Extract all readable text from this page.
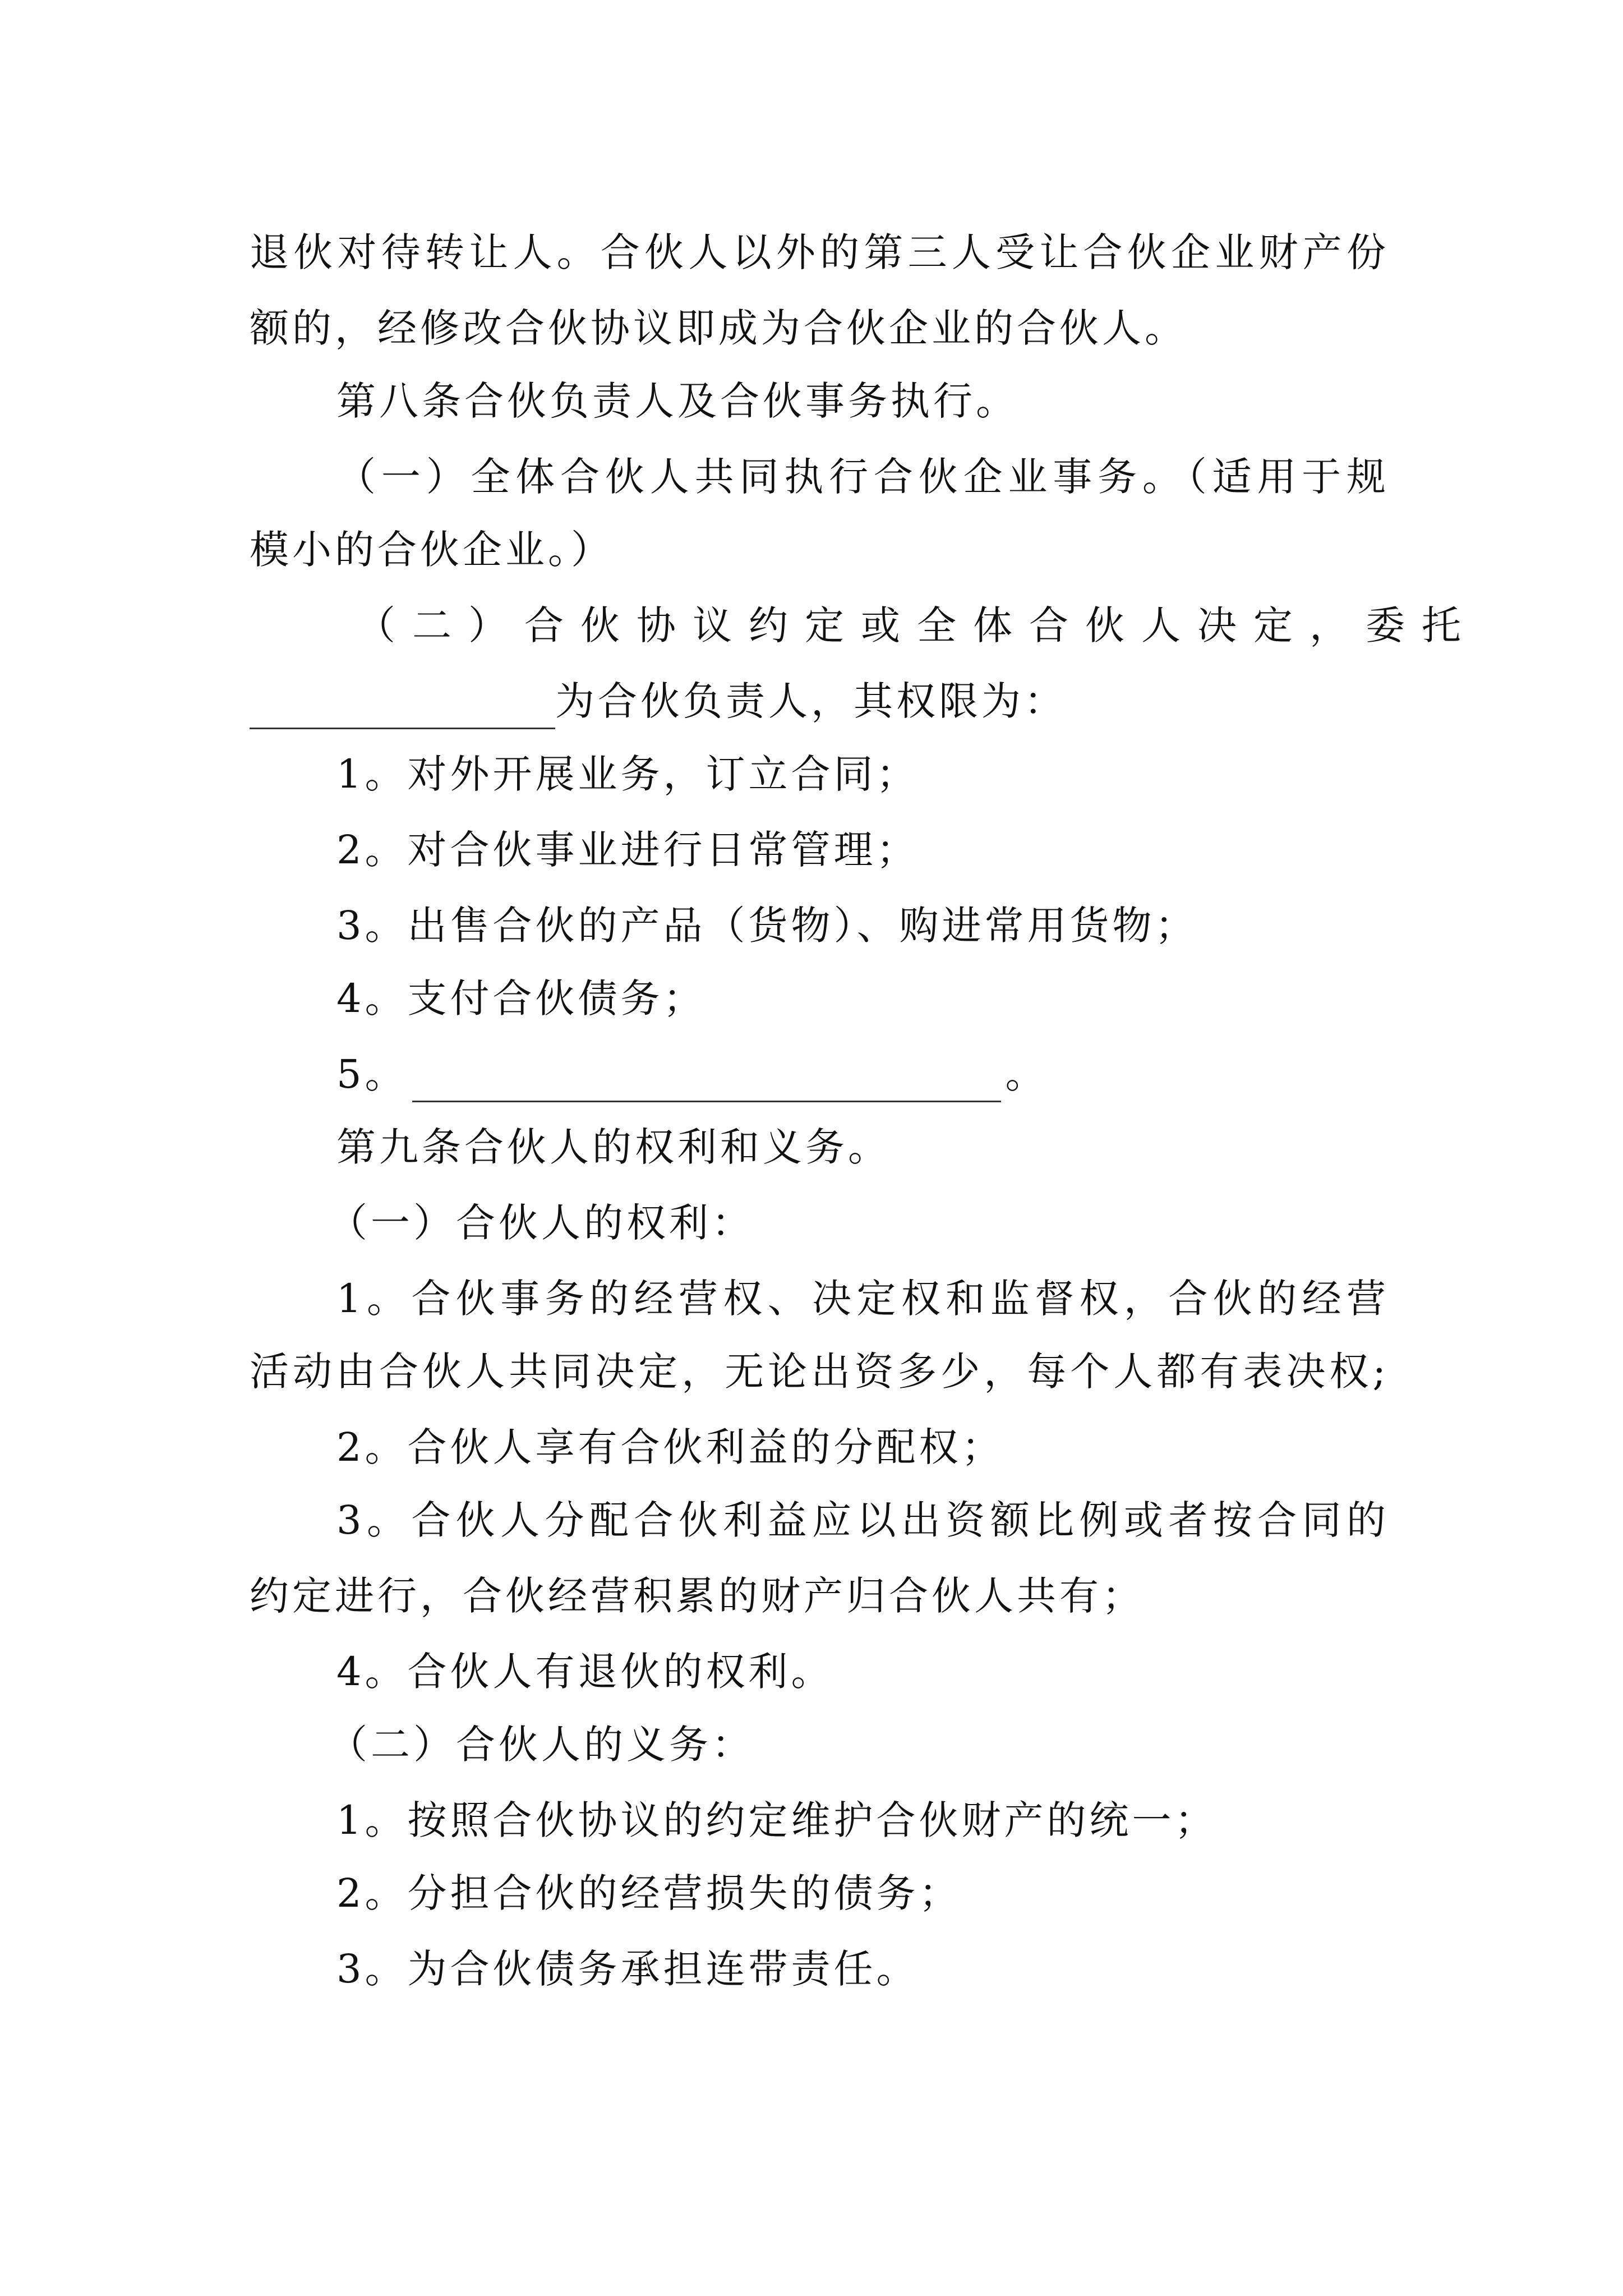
退伙对待转让人。合伙人以外的第三人受让合伙企业财产份
额的，经修改合伙协议即成为合伙企业的合伙人。
第八条合伙负责人及合伙事务执行。
（一）全体合伙人共同执行合伙企业事务。（适用于规
模小的合伙企业。）
（二）合伙协议约定或全体合伙人决定，委托
为合伙负责人，其权限为：
1。对外开展业务，订立合同；
2。对合伙事业进行日常管理；
3。出售合伙的产品（货物）、购进常用货物；
4。支付合伙债务；
5。	。
第九条合伙人的权利和义务。
（一）合伙人的权利：
1。合伙事务的经营权、决定权和监督权，合伙的经营
活动由合伙人共同决定，无论出资多少，每个人都有表决权;
2。合伙人享有合伙利益的分配权；
3。合伙人分配合伙利益应以出资额比例或者按合同的
约定进行，合伙经营积累的财产归合伙人共有；
4。合伙人有退伙的权利。
（二）合伙人的义务：
1。按照合伙协议的约定维护合伙财产的统一；
2。分担合伙的经营损失的债务；
3。为合伙债务承担连带责任。
